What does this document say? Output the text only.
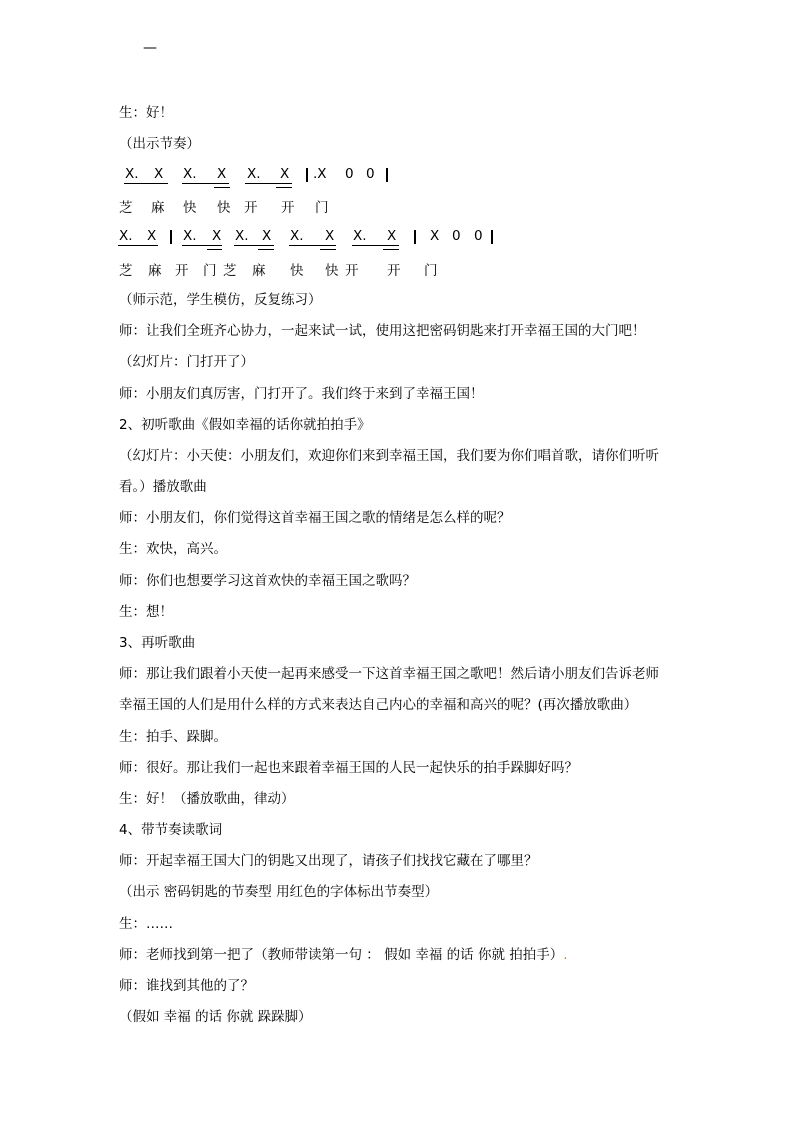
—
X. X X. X X. X .X 0 0
芝 麻 快 快 开 开 门
X. X X. X X. X X. X X. X	X 0 0
芝 麻 开 门 芝 麻 快 快 开 开 门
生：好！
（出示节奏）
（师示范，学生模仿，反复练习）
师：让我们全班齐心协力，一起来试一试，使用这把密码钥匙来打开幸福王国的大门吧！
（幻灯片：门打开了）
师：小朋友们真厉害，门打开了。我们终于来到了幸福王国！
2、初听歌曲《假如幸福的话你就拍拍手》
（幻灯片：小天使：小朋友们，欢迎你们来到幸福王国，我们要为你们唱首歌，请你们听听
看。）播放歌曲
师：小朋友们，你们觉得这首幸福王国之歌的情绪是怎么样的呢？
生：欢快，高兴。
师：你们也想要学习这首欢快的幸福王国之歌吗？
生：想！
3、再听歌曲
师：那让我们跟着小天使一起再来感受一下这首幸福王国之歌吧！然后请小朋友们告诉老师
幸福王国的人们是用什么样的方式来表达自己内心的幸福和高兴的呢？(再次播放歌曲）
生：拍手、跺脚。
师：很好。那让我们一起也来跟着幸福王国的人民一起快乐的拍手跺脚好吗？
生：好！（播放歌曲，律动）
4、带节奏读歌词
师：开起幸福王国大门的钥匙又出现了，请孩子们找找它藏在了哪里？
（出示 密码钥匙的节奏型 用红色的字体标出节奏型）
生：……
师：老师找到第一把了（教师带读第一句 ： 假如 幸福 的话 你就 拍拍手）.
师：谁找到其他的了？
（假如 幸福 的话 你就 跺跺脚）
